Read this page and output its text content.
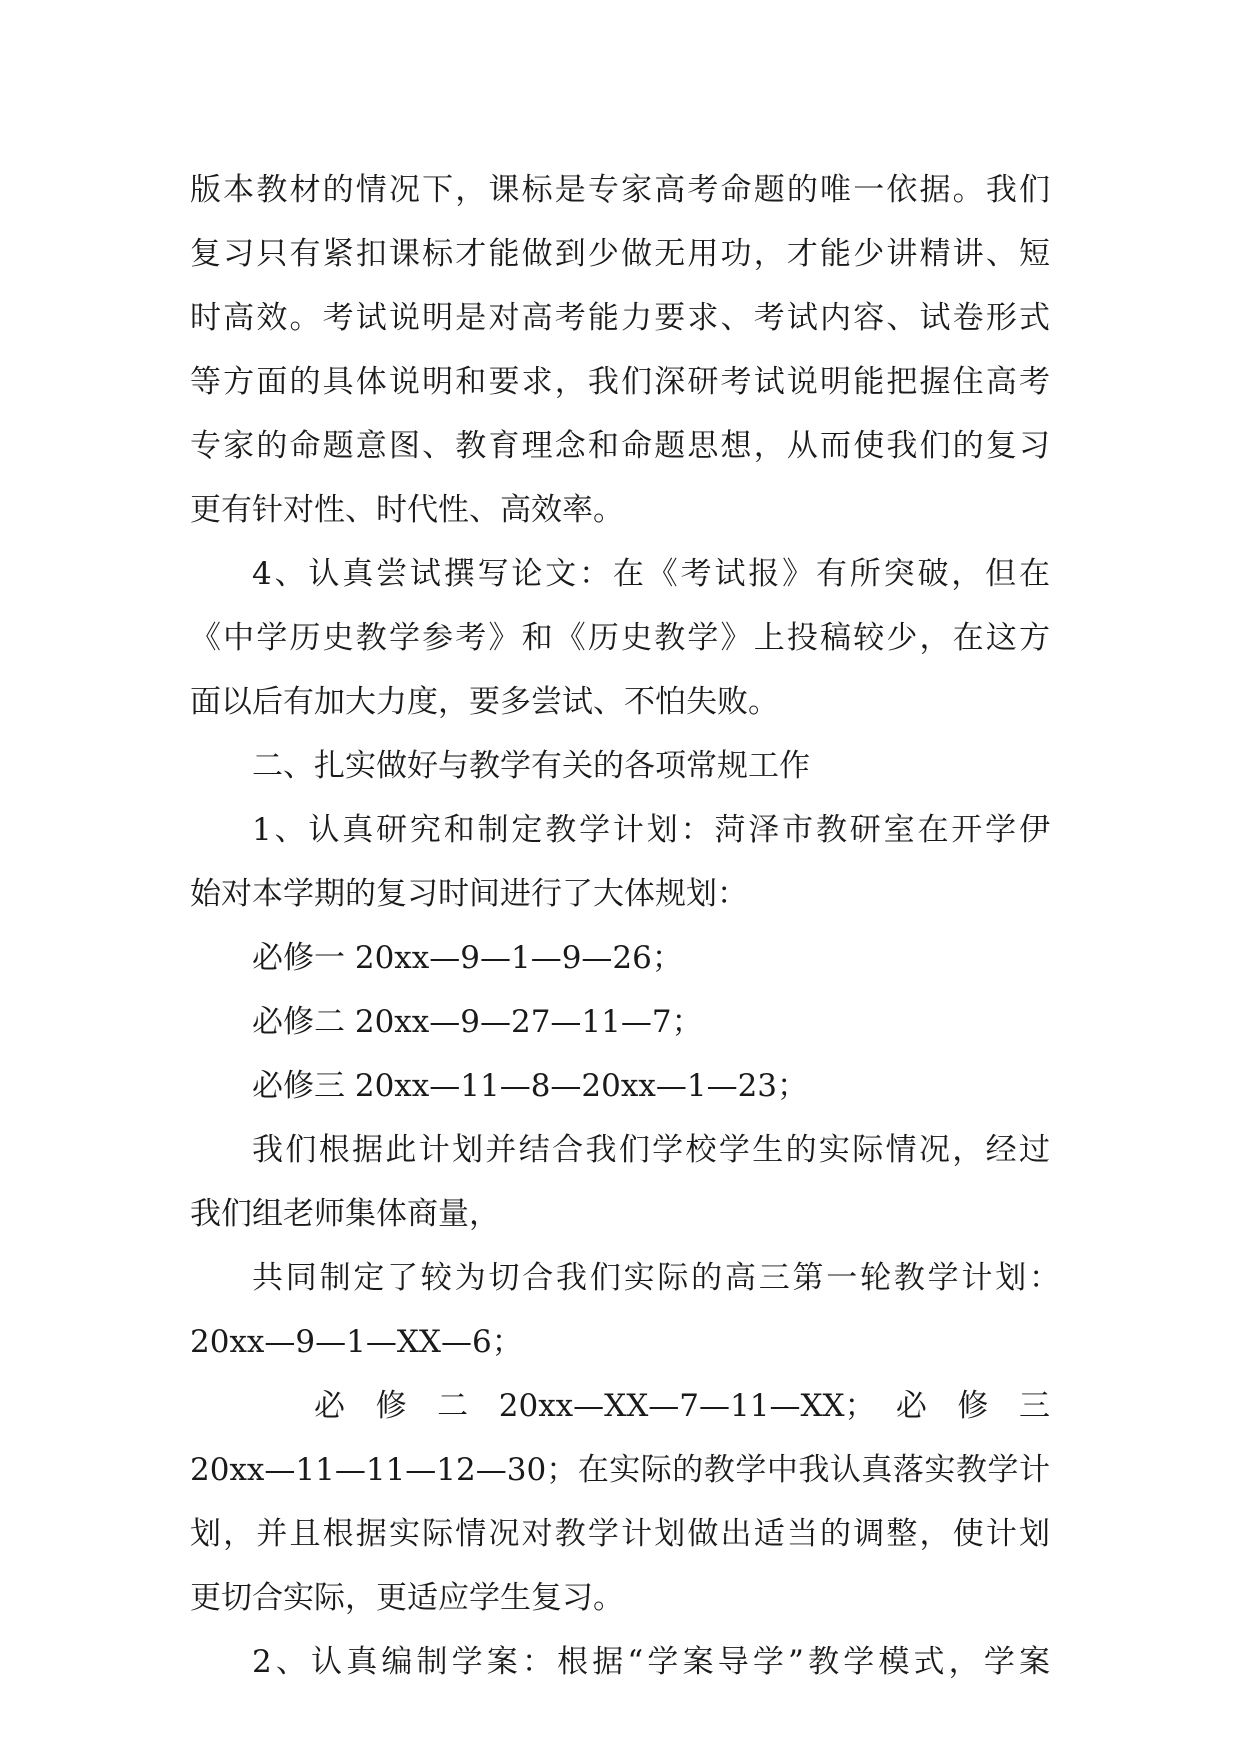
版本教材的情况下，课标是专家高考命题的唯一依据。我们
复习只有紧扣课标才能做到少做无用功，才能少讲精讲、短
时高效。考试说明是对高考能力要求、考试内容、试卷形式
等方面的具体说明和要求，我们深研考试说明能把握住高考
专家的命题意图、教育理念和命题思想，从而使我们的复习
更有针对性、时代性、高效率。
4、认真尝试撰写论文：在《考试报》有所突破，但在
《中学历史教学参考》和《历史教学》上投稿较少，在这方
面以后有加大力度，要多尝试、不怕失败。
二、扎实做好与教学有关的各项常规工作
1、认真研究和制定教学计划：菏泽市教研室在开学伊
始对本学期的复习时间进行了大体规划：
必修一 20xx—9—1—9—26；
必修二 20xx—9—27—11—7；
必修三 20xx—11—8—20xx—1—23；
我们根据此计划并结合我们学校学生的实际情况，经过
我们组老师集体商量，
共同制定了较为切合我们实际的高三第一轮教学计划：
20xx—9—1—XX—6；
必 修 二 20xx—XX—7—11—XX； 必 修 三
20xx—11—11—12—30；在实际的教学中我认真落实教学计
划，并且根据实际情况对教学计划做出适当的调整，使计划
更切合实际，更适应学生复习。
2、认真编制学案：根据“学案导学”教学模式，学案
